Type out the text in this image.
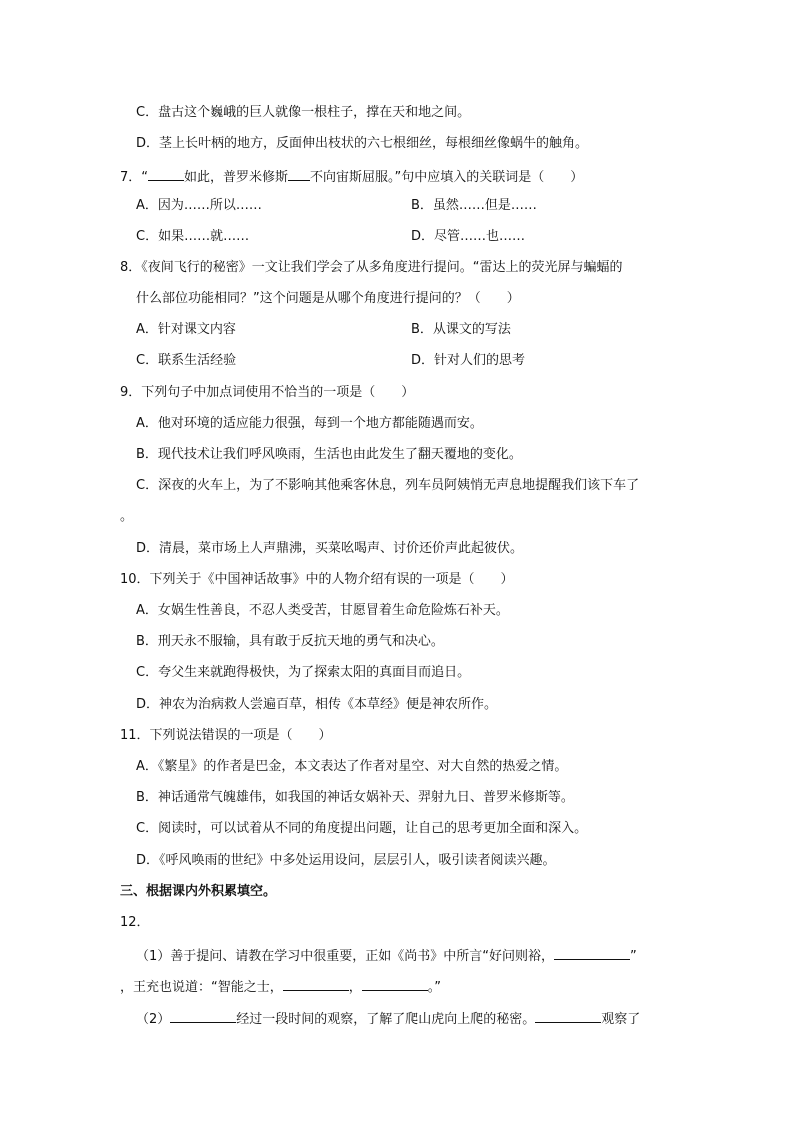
C．盘古这个巍峨的巨人就像一根柱子，撑在天和地之间。
D．茎上长叶柄的地方，反面伸出枝状的六七根细丝，每根细丝像蜗牛的触角。
7．“	如此，普罗米修斯 不向宙斯屈服。”句中应填入的关联词是（　　）
A．因为……所以……	B．虽然……但是……
C．如果……就……	D．尽管……也……
8．《夜间飞行的秘密》一文让我们学会了从多角度进行提问。“雷达上的荧光屏与蝙蝠的
什么部位功能相同？”这个问题是从哪个角度进行提问的？（　　）
A．针对课文内容	B．从课文的写法
C．联系生活经验	D．针对人们的思考
9．下列句子中加点词使用不恰当的一项是（　　）
A．他对环境的适应能力很强，每到一个地方都能随遇而安。
B．现代技术让我们呼风唤雨，生活也由此发生了翻天覆地的变化。
C．深夜的火车上，为了不影响其他乘客休息，列车员阿姨悄无声息地提醒我们该下车了
。
D．清晨，菜市场上人声鼎沸，买菜吆喝声、讨价还价声此起彼伏。
10．下列关于《中国神话故事》中的人物介绍有误的一项是（　　）
A．女娲生性善良，不忍人类受苦，甘愿冒着生命危险炼石补天。
B．刑天永不服输，具有敢于反抗天地的勇气和决心。
C．夸父生来就跑得极快，为了探索太阳的真面目而追日。
D．神农为治病救人尝遍百草，相传《本草经》便是神农所作。
11．下列说法错误的一项是（　　）
A．《繁星》的作者是巴金，本文表达了作者对星空、对大自然的热爱之情。
B．神话通常气魄雄伟，如我国的神话女娲补天、羿射九日、普罗米修斯等。
C．阅读时，可以试着从不同的角度提出问题，让自己的思考更加全面和深入。
D．《呼风唤雨的世纪》中多处运用设问，层层引人，吸引读者阅读兴趣。
三、根据课内外积累填空。
12．
（1）善于提问、请教在学习中很重要，正如《尚书》中所言“好问则裕，	”
，王充也说道：“智能之士，	，	。”
（2）	经过一段时间的观察，了解了爬山虎向上爬的秘密。	观察了
